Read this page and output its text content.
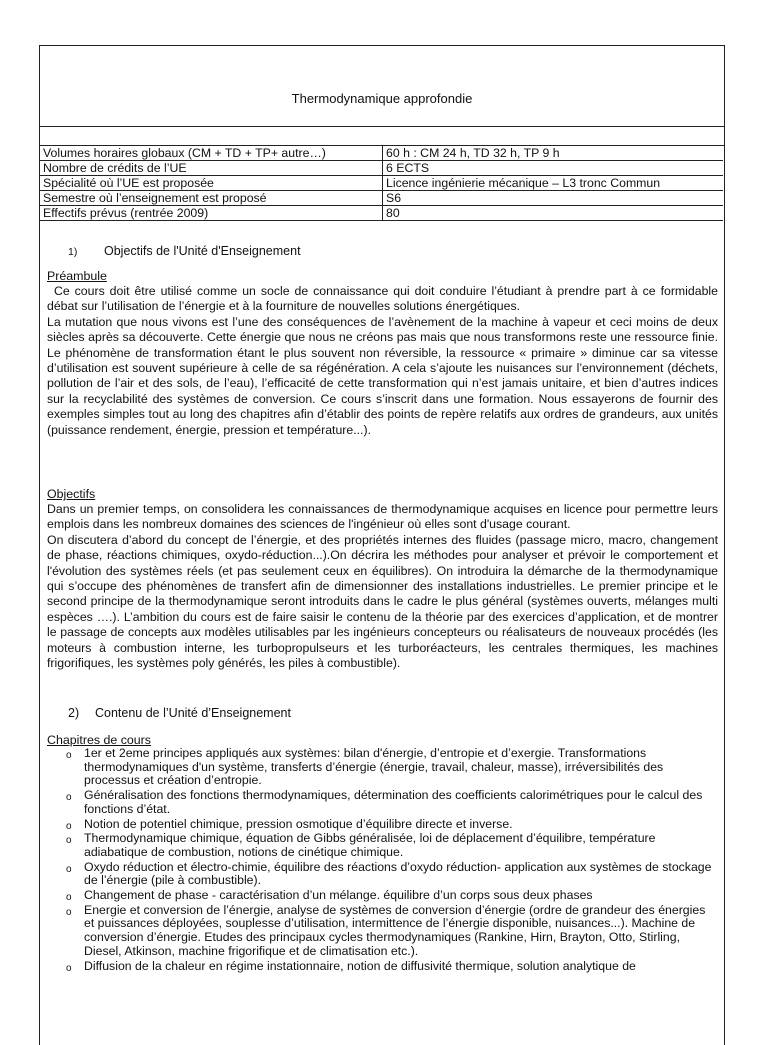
Thermodynamique approfondie
Volumes horaires globaux (CM + TD + TP+ autre…)	60 h : CM 24 h, TD 32 h, TP 9 h
Nombre de crédits de l’UE	6 ECTS
Spécialité où l’UE est proposée	Licence ingénierie mécanique – L3 tronc Commun
Semestre où l’enseignement est proposé	S6
Effectifs prévus (rentrée 2009)	80
1) Objectifs de l'Unité d'Enseignement
Préambule

Ce cours doit être utilisé comme un socle de connaissance qui doit conduire l’étudiant à prendre part à ce formidable débat sur l’utilisation de l’énergie et à la fourniture de nouvelles solutions énergétiques.

La mutation que nous vivons est l’une des conséquences de l’avènement de la machine à vapeur et ceci moins de deux siècles après sa découverte. Cette énergie que nous ne créons pas mais que nous transformons reste une ressource finie. Le phénomène de transformation étant le plus souvent non réversible, la ressource « primaire » diminue car sa vitesse d’utilisation est souvent supérieure à celle de sa régénération. A cela s’ajoute les nuisances sur l’environnement (déchets, pollution de l’air et des sols, de l’eau), l’efficacité de cette transformation qui n’est jamais unitaire, et bien d’autres indices sur la recyclabilité des systèmes de conversion. Ce cours s’inscrit dans une formation. Nous essayerons de fournir des exemples simples tout au long des chapitres afin d’établir des points de repère relatifs aux ordres de grandeurs, aux unités (puissance rendement, énergie, pression et température...).

Objectifs

Dans un premier temps, on consolidera les connaissances de thermodynamique acquises en licence pour permettre leurs emplois dans les nombreux domaines des sciences de l'ingénieur où elles sont d'usage courant.

On discutera d’abord du concept de l’énergie, et des propriétés internes des fluides (passage micro, macro, changement de phase, réactions chimiques, oxydo-réduction...).On décrira les méthodes pour analyser et prévoir le comportement et l'évolution des systèmes réels (et pas seulement ceux en équilibres). On introduira la démarche de la thermodynamique qui s’occupe des phénomènes de transfert afin de dimensionner des installations industrielles. Le premier principe et le second principe de la thermodynamique seront introduits dans le cadre le plus général (systèmes ouverts, mélanges multi espèces ….). L’ambition du cours est de faire saisir le contenu de la théorie par des exercices d’application, et de montrer le passage de concepts aux modèles utilisables par les ingénieurs concepteurs ou réalisateurs de nouveaux procédés (les moteurs à combustion interne, les turbopropulseurs et les turboréacteurs, les centrales thermiques, les machines frigorifiques, les systèmes poly générés, les piles à combustible).

2) Contenu de l’Unité d’Enseignement
Chapitres de cours
o 1er et 2eme principes appliqués aux systèmes: bilan d'énergie, d’entropie et d’exergie. Transformations thermodynamiques d'un système, transferts d’énergie (énergie, travail, chaleur, masse), irréversibilités des processus et création d’entropie.
o Généralisation des fonctions thermodynamiques, détermination des coefficients calorimétriques pour le calcul des fonctions d’état.
o Notion de potentiel chimique, pression osmotique d’équilibre directe et inverse.
o Thermodynamique chimique, équation de Gibbs généralisée, loi de déplacement d’équilibre, température adiabatique de combustion, notions de cinétique chimique.
o Oxydo réduction et électro-chimie, équilibre des réactions d’oxydo réduction- application aux systèmes de stockage de l’énergie (pile à combustible).
o Changement de phase - caractérisation d’un mélange. équilibre d’un corps sous deux phases
o Energie et conversion de l’énergie, analyse de systèmes de conversion d’énergie (ordre de grandeur des énergies et puissances déployées, souplesse d’utilisation, intermittence de l’énergie disponible, nuisances...). Machine de conversion d’énergie. Etudes des principaux cycles thermodynamiques (Rankine, Hirn, Brayton, Otto, Stirling, Diesel, Atkinson, machine frigorifique et de climatisation etc.).
o Diffusion de la chaleur en régime instationnaire, notion de diffusivité thermique, solution analytique de
